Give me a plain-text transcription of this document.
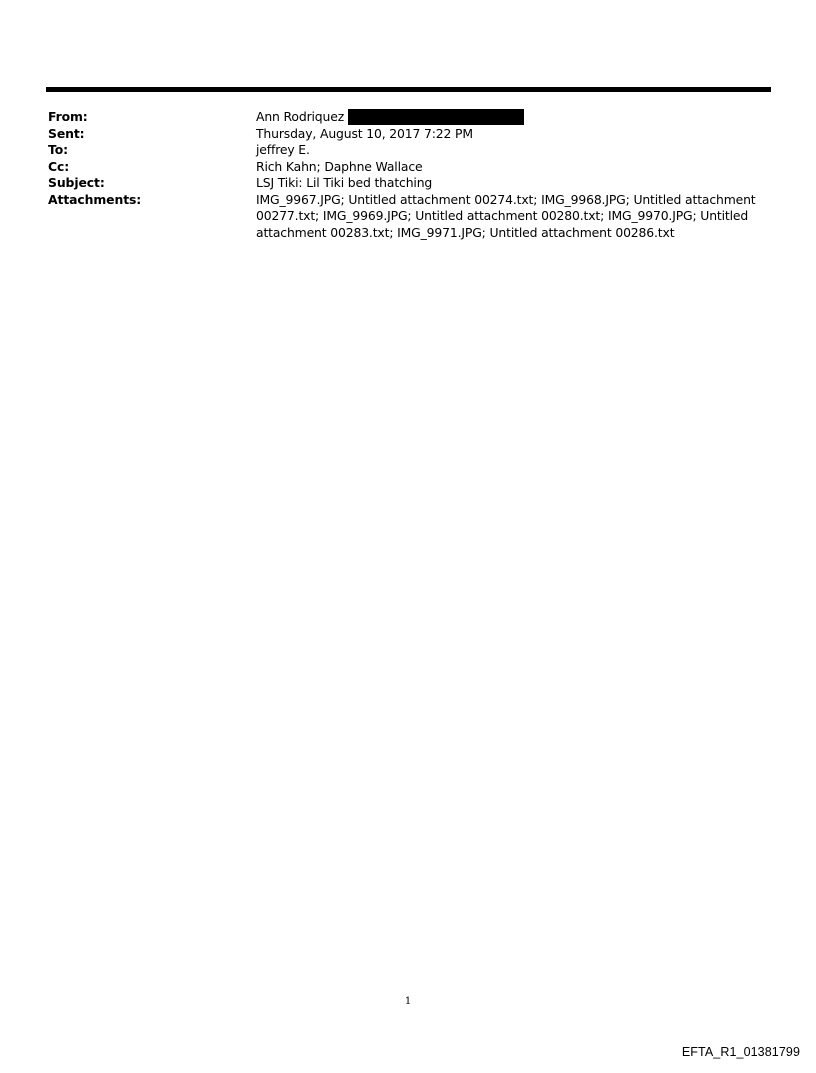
From:	Ann Rodriquez
Sent:	Thursday, August 10, 2017 7:22 PM
To:	jeffrey E.
Cc:	Rich Kahn; Daphne Wallace
Subject:	LSJ Tiki: Lil Tiki bed thatching
Attachments:	IMG_9967.JPG; Untitled attachment 00274.txt; IMG_9968.JPG; Untitled attachment 00277.txt; IMG_9969.JPG; Untitled attachment 00280.txt; IMG_9970.JPG; Untitled attachment 00283.txt; IMG_9971.JPG; Untitled attachment 00286.txt
1
EFTA_R1_01381799
